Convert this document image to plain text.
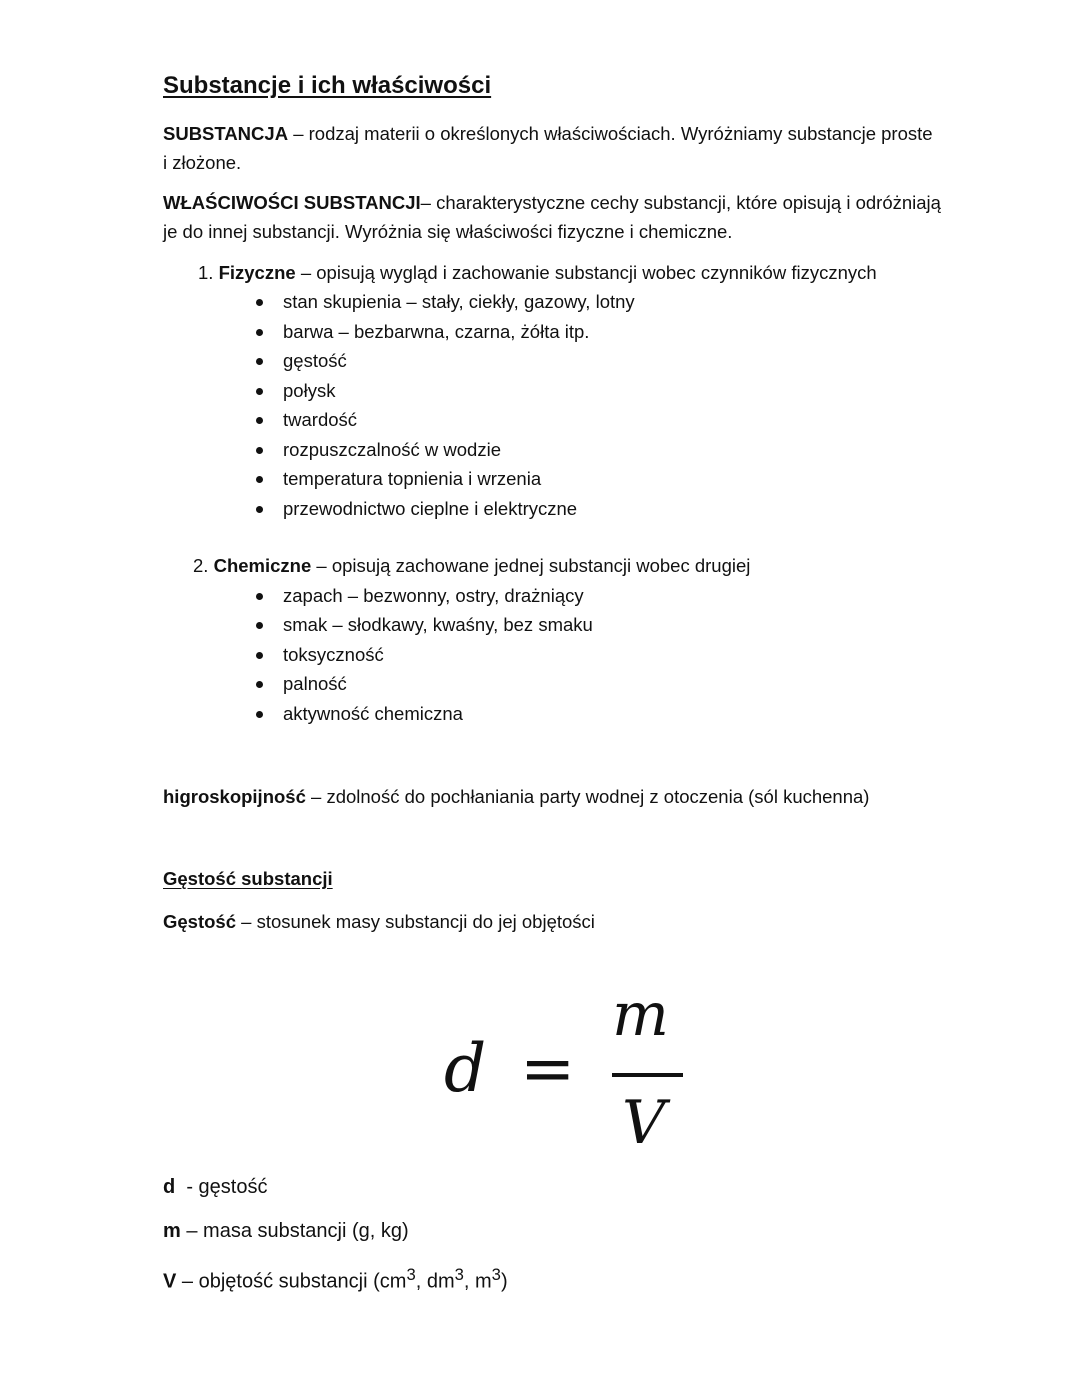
Substancje i ich właściwości
SUBSTANCJA – rodzaj materii o określonych właściwościach. Wyróżniamy substancje proste
i złożone.
WŁAŚCIWOŚCI SUBSTANCJI– charakterystyczne cechy substancji, które opisują i odróżniają
je do innej substancji. Wyróżnia się właściwości fizyczne i chemiczne.
1. Fizyczne – opisują wygląd i zachowanie substancji wobec czynników fizycznych
stan skupienia – stały, ciekły, gazowy, lotny
barwa – bezbarwna, czarna, żółta itp.
gęstość
połysk
twardość
rozpuszczalność w wodzie
temperatura topnienia i wrzenia
przewodnictwo cieplne i elektryczne
2. Chemiczne – opisują zachowane jednej substancji wobec drugiej
zapach – bezwonny, ostry, drażniący
smak – słodkawy, kwaśny, bez smaku
toksyczność
palność
aktywność chemiczna
higroskopijność – zdolność do pochłaniania party wodnej z otoczenia (sól kuchenna)
Gęstość substancji
Gęstość – stosunek masy substancji do jej objętości
d =
m
V
d  - gęstość
m – masa substancji (g, kg)
V – objętość substancji ($cm^3$, $dm^3$, $m^3$)
